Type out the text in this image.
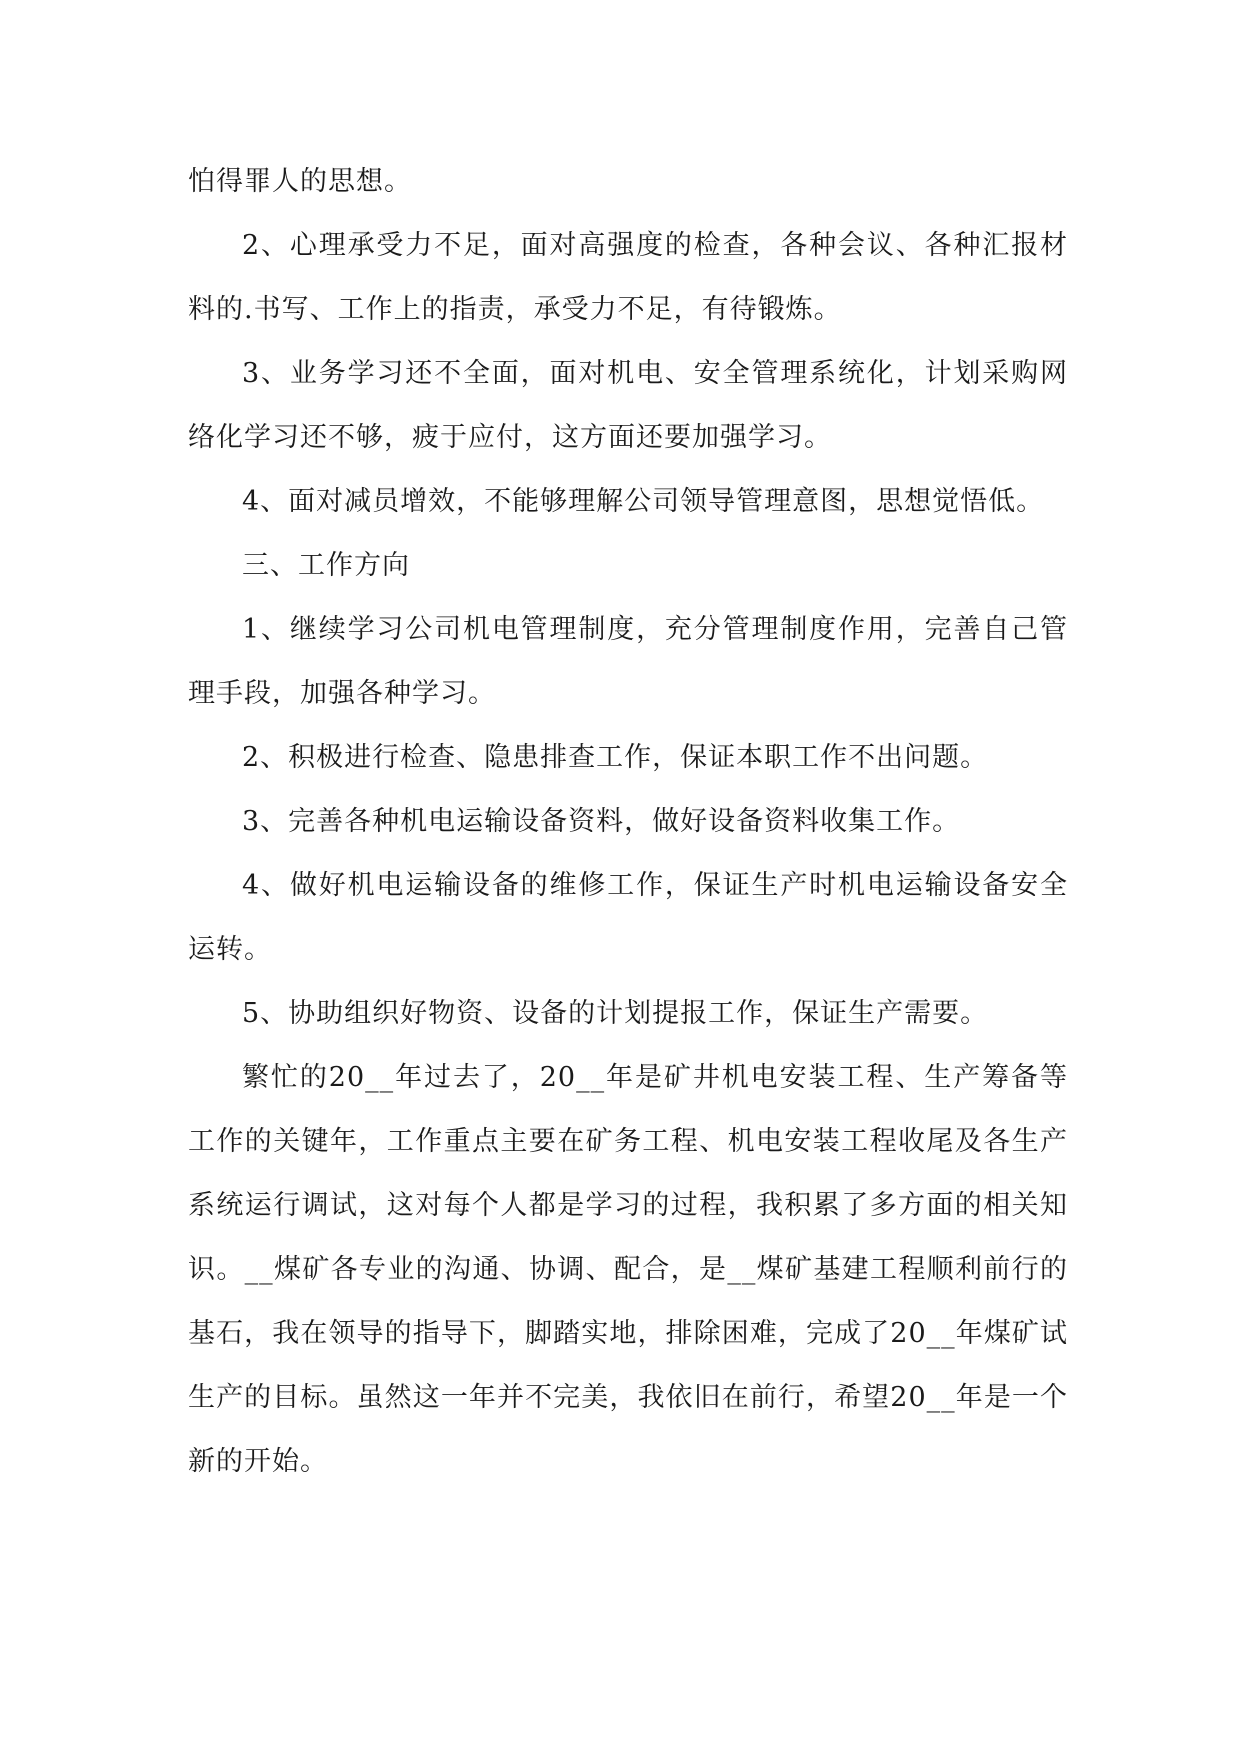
怕得罪人的思想。

2、心理承受力不足，面对高强度的检查，各种会议、各种汇报材料的.书写、工作上的指责，承受力不足，有待锻炼。

3、业务学习还不全面，面对机电、安全管理系统化，计划采购网络化学习还不够，疲于应付，这方面还要加强学习。

4、面对减员增效，不能够理解公司领导管理意图，思想觉悟低。

三、工作方向

1、继续学习公司机电管理制度，充分管理制度作用，完善自己管理手段，加强各种学习。

2、积极进行检查、隐患排查工作，保证本职工作不出问题。

3、完善各种机电运输设备资料，做好设备资料收集工作。

4、做好机电运输设备的维修工作，保证生产时机电运输设备安全运转。

5、协助组织好物资、设备的计划提报工作，保证生产需要。

繁忙的20__年过去了，20__年是矿井机电安装工程、生产筹备等工作的关键年，工作重点主要在矿务工程、机电安装工程收尾及各生产系统运行调试，这对每个人都是学习的过程，我积累了多方面的相关知识。__煤矿各专业的沟通、协调、配合，是__煤矿基建工程顺利前行的基石，我在领导的指导下，脚踏实地，排除困难，完成了20__年煤矿试生产的目标。虽然这一年并不完美，我依旧在前行，希望20__年是一个新的开始。
